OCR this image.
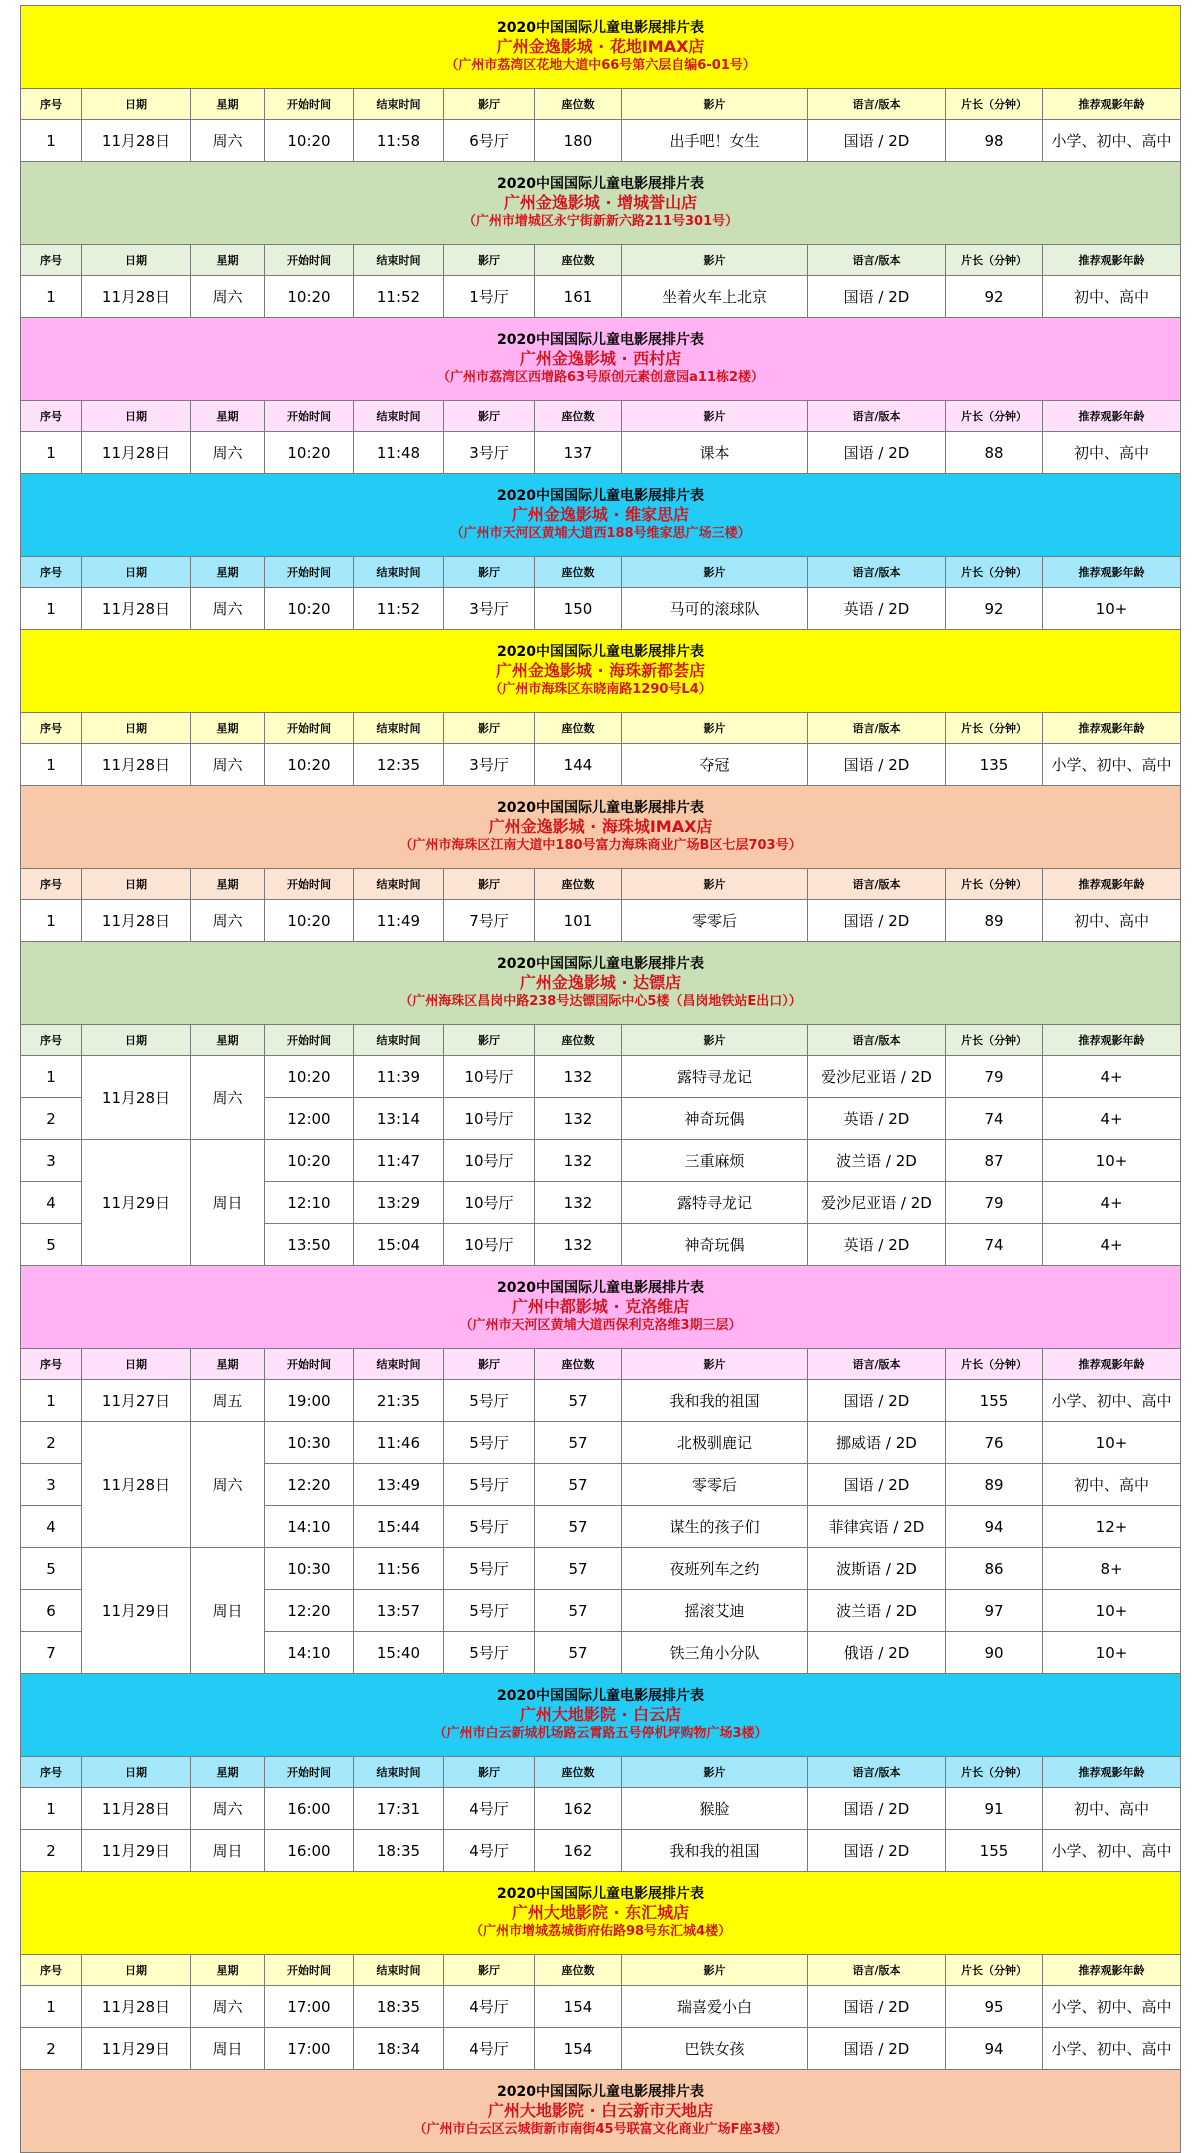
2020中国国际儿童电影展排片表
广州金逸影城 · 花地IMAX店
（广州市荔湾区花地大道中66号第六层自编6-01号）										

序号	日期	星期	开始时间	结束时间	影厅	座位数	影片	语言/版本	片长（分钟）	推荐观影年龄
1	11月28日	周六	10:20	11:58	6号厅	180	出手吧！女生	国语 / 2D	98	小学、初中、高中

2020中国国际儿童电影展排片表
广州金逸影城 · 增城誉山店
（广州市增城区永宁街新新六路211号301号）										

序号	日期	星期	开始时间	结束时间	影厅	座位数	影片	语言/版本	片长（分钟）	推荐观影年龄
1	11月28日	周六	10:20	11:52	1号厅	161	坐着火车上北京	国语 / 2D	92	初中、高中

2020中国国际儿童电影展排片表
广州金逸影城 · 西村店
（广州市荔湾区西增路63号原创元素创意园a11栋2楼）										

序号	日期	星期	开始时间	结束时间	影厅	座位数	影片	语言/版本	片长（分钟）	推荐观影年龄
1	11月28日	周六	10:20	11:48	3号厅	137	课本	国语 / 2D	88	初中、高中

2020中国国际儿童电影展排片表
广州金逸影城 · 维家思店
（广州市天河区黄埔大道西188号维家思广场三楼）										

序号	日期	星期	开始时间	结束时间	影厅	座位数	影片	语言/版本	片长（分钟）	推荐观影年龄
1	11月28日	周六	10:20	11:52	3号厅	150	马可的滚球队	英语 / 2D	92	10+

2020中国国际儿童电影展排片表
广州金逸影城 · 海珠新都荟店
（广州市海珠区东晓南路1290号L4）										

序号	日期	星期	开始时间	结束时间	影厅	座位数	影片	语言/版本	片长（分钟）	推荐观影年龄
1	11月28日	周六	10:20	12:35	3号厅	144	夺冠	国语 / 2D	135	小学、初中、高中

2020中国国际儿童电影展排片表
广州金逸影城 · 海珠城IMAX店
（广州市海珠区江南大道中180号富力海珠商业广场B区七层703号）										

序号	日期	星期	开始时间	结束时间	影厅	座位数	影片	语言/版本	片长（分钟）	推荐观影年龄
1	11月28日	周六	10:20	11:49	7号厅	101	零零后	国语 / 2D	89	初中、高中

2020中国国际儿童电影展排片表
广州金逸影城 · 达镖店
（广州海珠区昌岗中路238号达镖国际中心5楼（昌岗地铁站E出口））										

序号	日期	星期	开始时间	结束时间	影厅	座位数	影片	语言/版本	片长（分钟）	推荐观影年龄
1	11月28日	周六	10:20	11:39	10号厅	132	露特寻龙记	爱沙尼亚语 / 2D	79	4+
2			12:00	13:14	10号厅	132	神奇玩偶	英语 / 2D	74	4+
3	11月29日	周日	10:20	11:47	10号厅	132	三重麻烦	波兰语 / 2D	87	10+
4			12:10	13:29	10号厅	132	露特寻龙记	爱沙尼亚语 / 2D	79	4+
5			13:50	15:04	10号厅	132	神奇玩偶	英语 / 2D	74	4+

2020中国国际儿童电影展排片表
广州中都影城 · 克洛维店
（广州市天河区黄埔大道西保利克洛维3期三层）										

序号	日期	星期	开始时间	结束时间	影厅	座位数	影片	语言/版本	片长（分钟）	推荐观影年龄
1	11月27日	周五	19:00	21:35	5号厅	57	我和我的祖国	国语 / 2D	155	小学、初中、高中
2	11月28日	周六	10:30	11:46	5号厅	57	北极驯鹿记	挪威语 / 2D	76	10+
3			12:20	13:49	5号厅	57	零零后	国语 / 2D	89	初中、高中
4			14:10	15:44	5号厅	57	谋生的孩子们	菲律宾语 / 2D	94	12+
5	11月29日	周日	10:30	11:56	5号厅	57	夜班列车之约	波斯语 / 2D	86	8+
6			12:20	13:57	5号厅	57	摇滚艾迪	波兰语 / 2D	97	10+
7			14:10	15:40	5号厅	57	铁三角小分队	俄语 / 2D	90	10+

2020中国国际儿童电影展排片表
广州大地影院 · 白云店
（广州市白云新城机场路云霄路五号停机坪购物广场3楼）										

序号	日期	星期	开始时间	结束时间	影厅	座位数	影片	语言/版本	片长（分钟）	推荐观影年龄
1	11月28日	周六	16:00	17:31	4号厅	162	猴脸	国语 / 2D	91	初中、高中
2	11月29日	周日	16:00	18:35	4号厅	162	我和我的祖国	国语 / 2D	155	小学、初中、高中

2020中国国际儿童电影展排片表
广州大地影院 · 东汇城店
（广州市增城荔城街府佑路98号东汇城4楼）										

序号	日期	星期	开始时间	结束时间	影厅	座位数	影片	语言/版本	片长（分钟）	推荐观影年龄
1	11月28日	周六	17:00	18:35	4号厅	154	瑞喜爱小白	国语 / 2D	95	小学、初中、高中
2	11月29日	周日	17:00	18:34	4号厅	154	巴铁女孩	国语 / 2D	94	小学、初中、高中

2020中国国际儿童电影展排片表
广州大地影院 · 白云新市天地店
（广州市白云区云城街新市南街45号联富文化商业广场F座3楼）										
